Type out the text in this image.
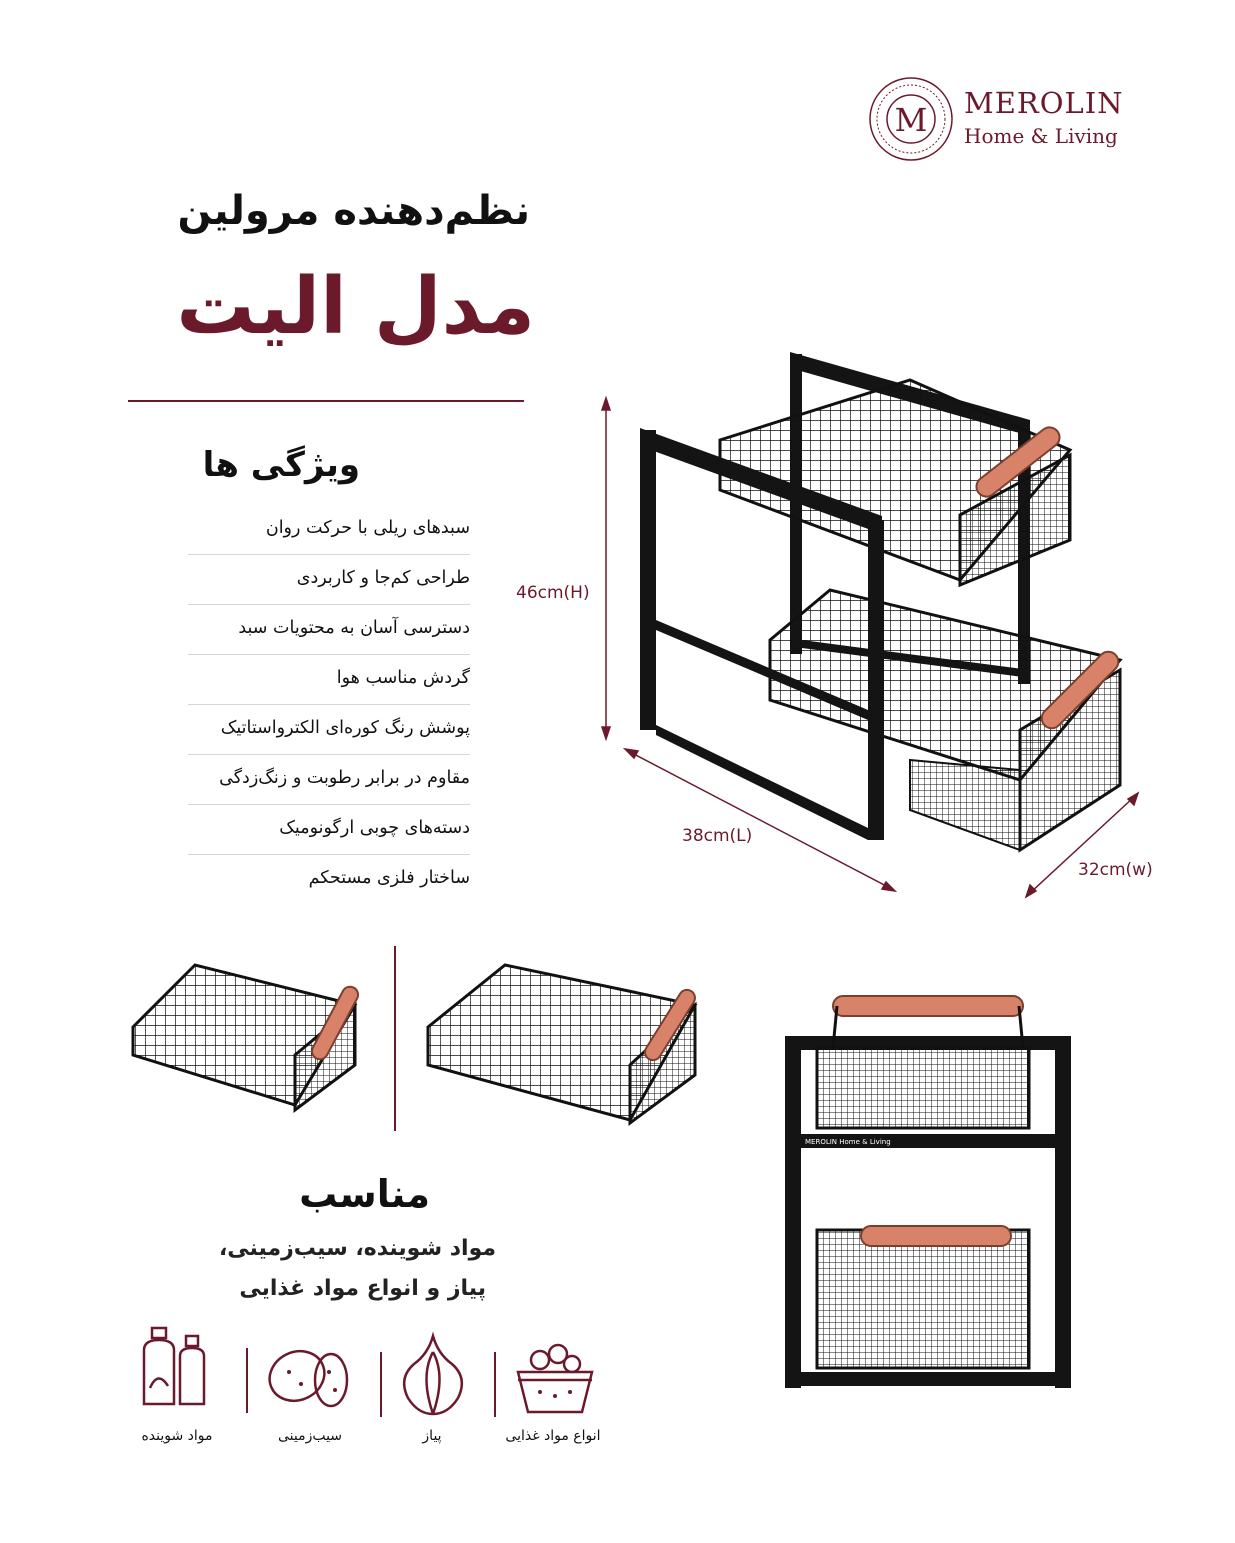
M MEROLIN
Home & Living
نظم‌دهنده مرولین
مدل الیت
ویژگی ها
سبدهای ریلی با حرکت روان
طراحی کم‌جا و کاربردی
دسترسی آسان به محتویات سبد
گردش مناسب هوا
پوشش رنگ کوره‌ای الکترواستاتیک
مقاوم در برابر رطوبت و زنگ‌زدگی
دسته‌های چوبی ارگونومیک
ساختار فلزی مستحکم
46cm(H)
38cm(L)
32cm(w)
MEROLIN Home & Living
مناسب
مواد شوینده، سیب‌زمینی،
پیاز و انواع مواد غذایی
مواد شوینده	سیب‌زمینی	پیاز	انواع مواد غذایی
